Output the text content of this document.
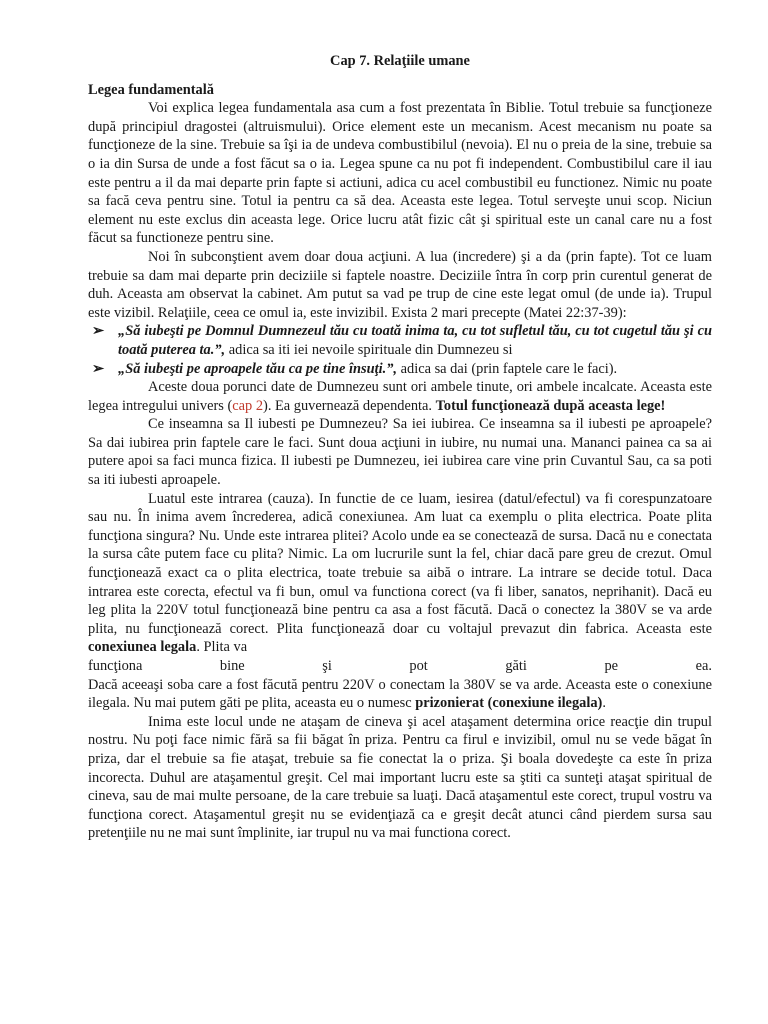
Cap 7. Relaţiile umane

Legea fundamentală

Voi explica legea fundamentala asa cum a fost prezentata în Biblie. Totul trebuie sa funcţioneze după principiul dragostei (altruismului). Orice element este un mecanism. Acest mecanism nu poate sa funcţioneze de la sine. Trebuie sa îşi ia de undeva combustibilul (nevoia). El nu o preia de la sine, trebuie sa o ia din Sursa de unde a fost făcut sa o ia. Legea spune ca nu pot fi independent. Combustibilul care il iau este pentru a il da mai departe prin fapte si actiuni, adica cu acel combustibil eu functionez. Nimic nu poate sa facă ceva pentru sine. Totul ia pentru ca să dea. Aceasta este legea. Totul serveşte unui scop. Niciun element nu este exclus din aceasta lege. Orice lucru atât fizic cât şi spiritual este un canal care nu a fost făcut sa functioneze pentru sine.

Noi în subconştient avem doar doua acţiuni. A lua (incredere) şi a da (prin fapte). Tot ce luam trebuie sa dam mai departe prin deciziile si faptele noastre. Deciziile întra în corp prin curentul generat de duh. Aceasta am observat la cabinet. Am putut sa vad pe trup de cine este legat omul (de unde ia). Trupul este vizibil. Relaţiile, ceea ce omul ia, este invizibil. Exista 2 mari precepte (Matei 22:37-39):

➢ „Să iubeşti pe Domnul Dumnezeul tău cu toată inima ta, cu tot sufletul tău, cu tot cugetul tău şi cu toată puterea ta.”, adica sa iti iei nevoile spirituale din Dumnezeu si
➢ „Să iubeşti pe aproapele tău ca pe tine însuţi.”, adica sa dai (prin faptele care le faci).

Aceste doua porunci date de Dumnezeu sunt ori ambele tinute, ori ambele incalcate. Aceasta este legea intregului univers (cap 2). Ea guvernează dependenta. Totul funcţionează după aceasta lege!

Ce inseamna sa Il iubesti pe Dumnezeu? Sa iei iubirea. Ce inseamna sa il iubesti pe aproapele? Sa dai iubirea prin faptele care le faci. Sunt doua acţiuni in iubire, nu numai una. Mananci painea ca sa ai putere apoi sa faci munca fizica. Il iubesti pe Dumnezeu, iei iubirea care vine prin Cuvantul Sau, ca sa poti sa iti iubesti aproapele.

Luatul este intrarea (cauza). In functie de ce luam, iesirea (datul/efectul) va fi corespunzatoare sau nu. În inima avem încrederea, adică conexiunea. Am luat ca exemplu o plita electrica. Poate plita funcţiona singura? Nu. Unde este intrarea plitei? Acolo unde ea se conectează de sursa. Dacă nu e conectata la sursa câte putem face cu plita? Nimic. La om lucrurile sunt la fel, chiar dacă pare greu de crezut. Omul funcţionează exact ca o plita electrica, toate trebuie sa aibă o intrare. La intrare se decide totul. Daca intrarea este corecta, efectul va fi bun, omul va functiona corect (va fi liber, sanatos, neprihanit). Dacă eu leg plita la 220V totul funcţionează bine pentru ca asa a fost făcută. Dacă o conectez la 380V se va arde plita, nu funcţionează corect. Plita funcţionează doar cu voltajul prevazut din fabrica. Aceasta este conexiunea legala. Plita va

funcţiona bine şi pot găti pe ea.

Dacă aceeaşi soba care a fost făcută pentru 220V o conectam la 380V se va arde. Aceasta este o conexiune ilegala. Nu mai putem găti pe plita, aceasta eu o numesc prizonierat (conexiune ilegala).

Inima este locul unde ne ataşam de cineva şi acel ataşament determina orice reacţie din trupul nostru. Nu poţi face nimic fără sa fii băgat în priza. Pentru ca firul e invizibil, omul nu se vede băgat în priza, dar el trebuie sa fie ataşat, trebuie sa fie conectat la o priza. Şi boala dovedeşte ca este în priza incorecta. Duhul are ataşamentul greşit. Cel mai important lucru este sa ştiti ca sunteţi ataşat spiritual de cineva, sau de mai multe persoane, de la care trebuie sa luaţi. Dacă ataşamentul este corect, trupul vostru va funcţiona corect. Ataşamentul greşit nu se evidenţiază ca e greşit decât atunci când pierdem sursa sau pretenţiile nu ne mai sunt împlinite, iar trupul nu va mai functiona corect.
